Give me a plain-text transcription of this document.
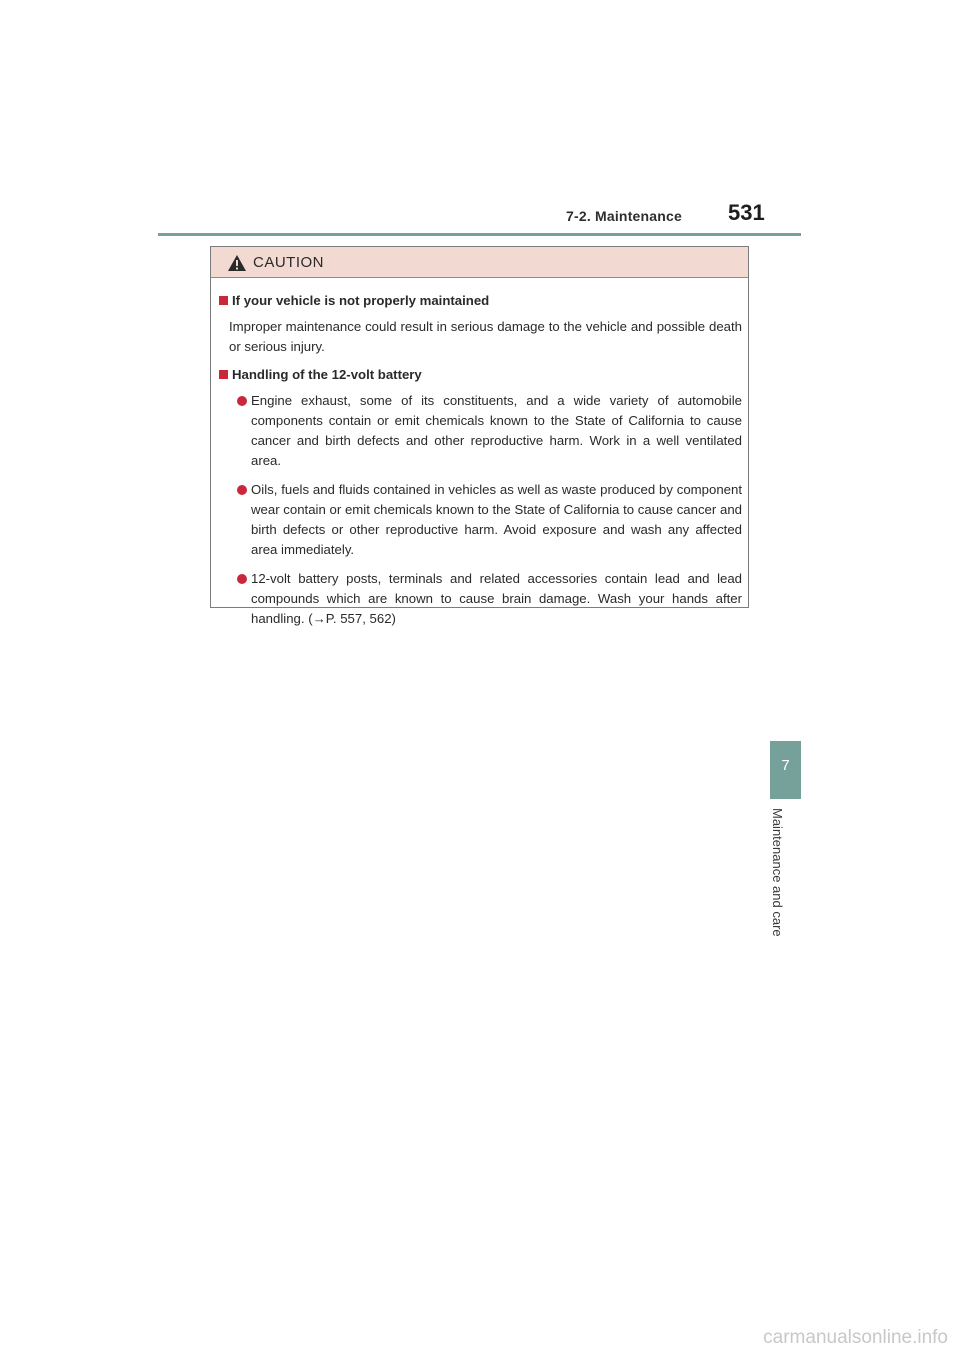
7-2. Maintenance 531
CAUTION
If your vehicle is not properly maintained
Improper maintenance could result in serious damage to the vehicle and possible death or serious injury.
Handling of the 12-volt battery
Engine exhaust, some of its constituents, and a wide variety of automobile components contain or emit chemicals known to the State of California to cause cancer and birth defects and other reproductive harm. Work in a well ventilated area.
Oils, fuels and fluids contained in vehicles as well as waste produced by component wear contain or emit chemicals known to the State of California to cause cancer and birth defects or other reproductive harm. Avoid exposure and wash any affected area immediately.
12-volt battery posts, terminals and related accessories contain lead and lead compounds which are known to cause brain damage. Wash your hands after handling. (→P. 557, 562)
7
Maintenance and care
carmanualsonline.info
